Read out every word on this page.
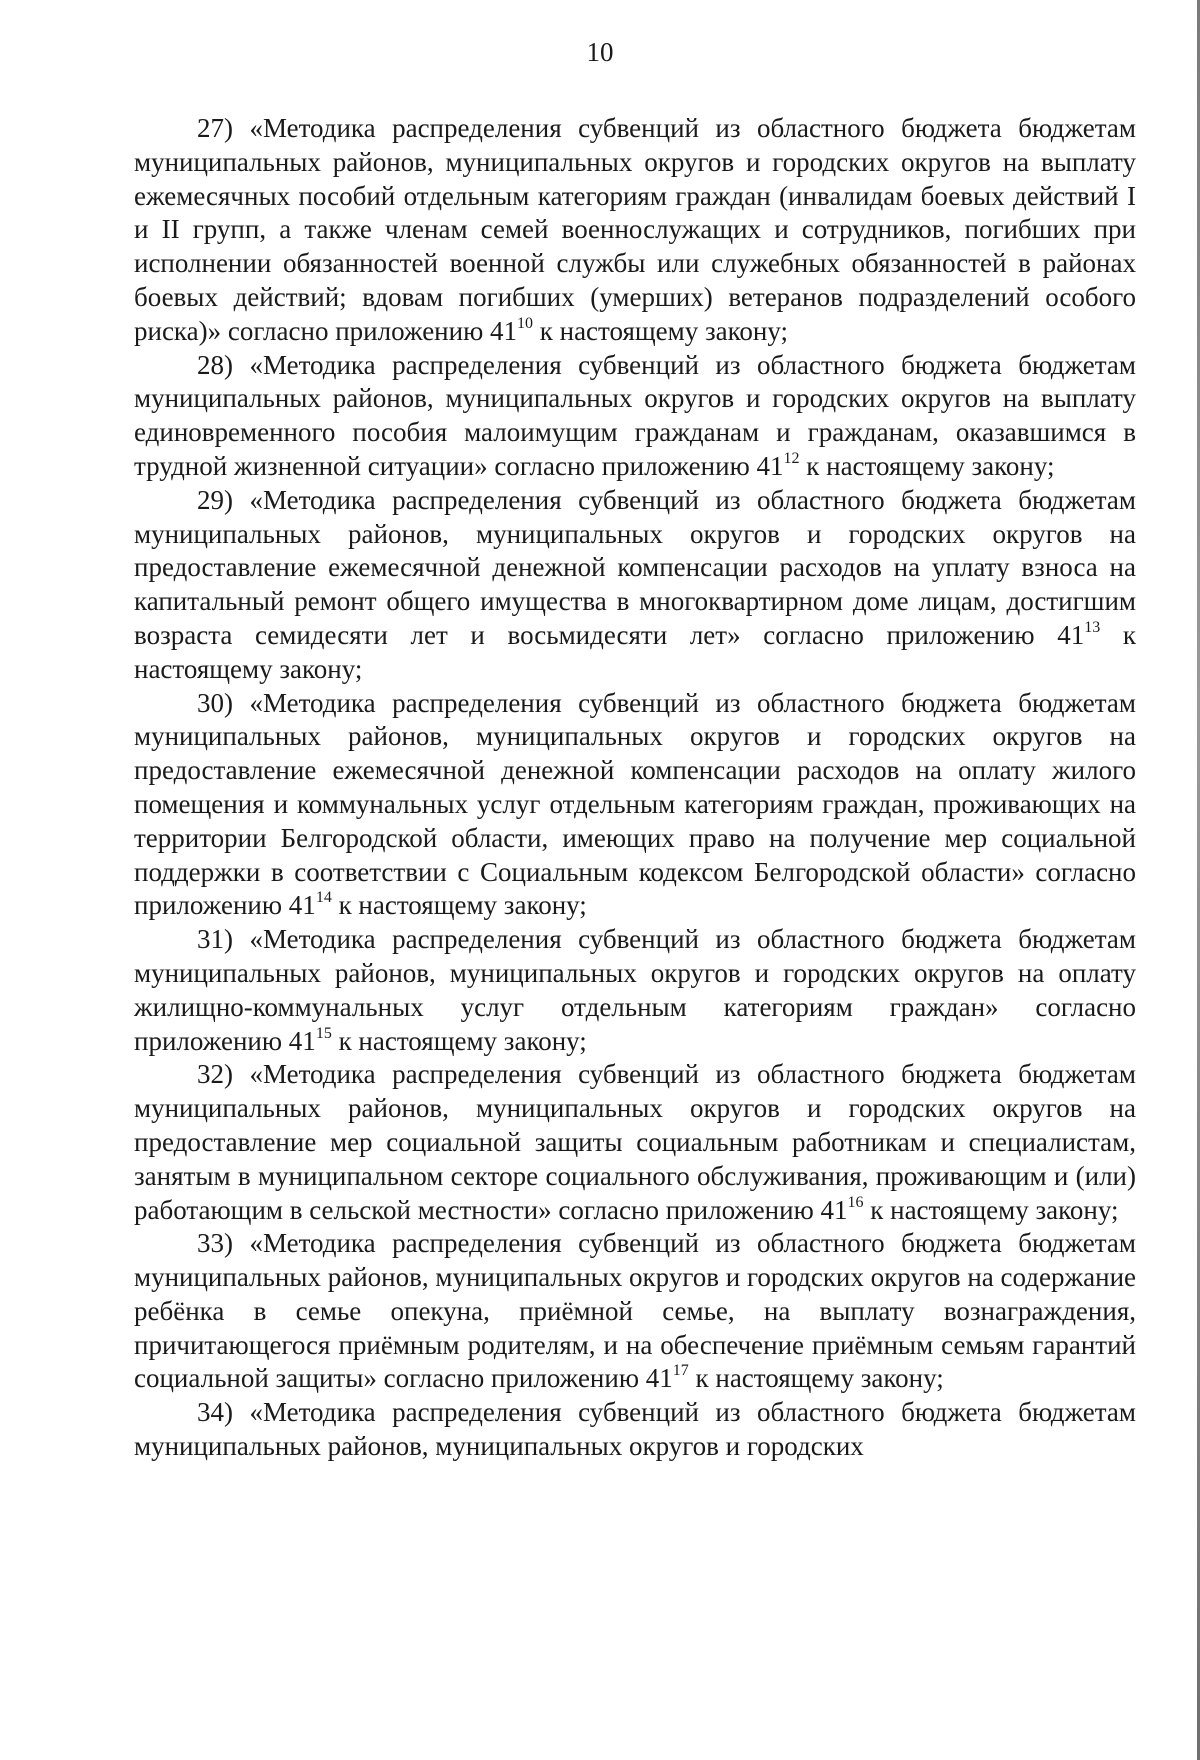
10

27) «Методика распределения субвенций из областного бюджета бюджетам муниципальных районов, муниципальных округов и городских округов на выплату ежемесячных пособий отдельным категориям граждан (инвалидам боевых действий I и II групп, а также членам семей военнослужащих и сотрудников, погибших при исполнении обязанностей военной службы или служебных обязанностей в районах боевых действий; вдовам погибших (умерших) ветеранов подразделений особого риска)» согласно приложению $41^{10}$ к настоящему закону;

28) «Методика распределения субвенций из областного бюджета бюджетам муниципальных районов, муниципальных округов и городских округов на выплату единовременного пособия малоимущим гражданам и гражданам, оказавшимся в трудной жизненной ситуации» согласно приложению $41^{12}$ к настоящему закону;

29) «Методика распределения субвенций из областного бюджета бюджетам муниципальных районов, муниципальных округов и городских округов на предоставление ежемесячной денежной компенсации расходов на уплату взноса на капитальный ремонт общего имущества в многоквартирном доме лицам, достигшим возраста семидесяти лет и восьмидесяти лет» согласно приложению $41^{13}$ к настоящему закону;

30) «Методика распределения субвенций из областного бюджета бюджетам муниципальных районов, муниципальных округов и городских округов на предоставление ежемесячной денежной компенсации расходов на оплату жилого помещения и коммунальных услуг отдельным категориям граждан, проживающих на территории Белгородской области, имеющих право на получение мер социальной поддержки в соответствии с Социальным кодексом Белгородской области» согласно приложению $41^{14}$ к настоящему закону;

31) «Методика распределения субвенций из областного бюджета бюджетам муниципальных районов, муниципальных округов и городских округов на оплату жилищно-коммунальных услуг отдельным категориям граждан» согласно приложению $41^{15}$ к настоящему закону;

32) «Методика распределения субвенций из областного бюджета бюджетам муниципальных районов, муниципальных округов и городских округов на предоставление мер социальной защиты социальным работникам и специалистам, занятым в муниципальном секторе социального обслуживания, проживающим и (или) работающим в сельской местности» согласно приложению $41^{16}$ к настоящему закону;

33) «Методика распределения субвенций из областного бюджета бюджетам муниципальных районов, муниципальных округов и городских округов на содержание ребёнка в семье опекуна, приёмной семье, на выплату вознаграждения, причитающегося приёмным родителям, и на обеспечение приёмным семьям гарантий социальной защиты» согласно приложению $41^{17}$ к настоящему закону;

34) «Методика распределения субвенций из областного бюджета бюджетам муниципальных районов, муниципальных округов и городских
